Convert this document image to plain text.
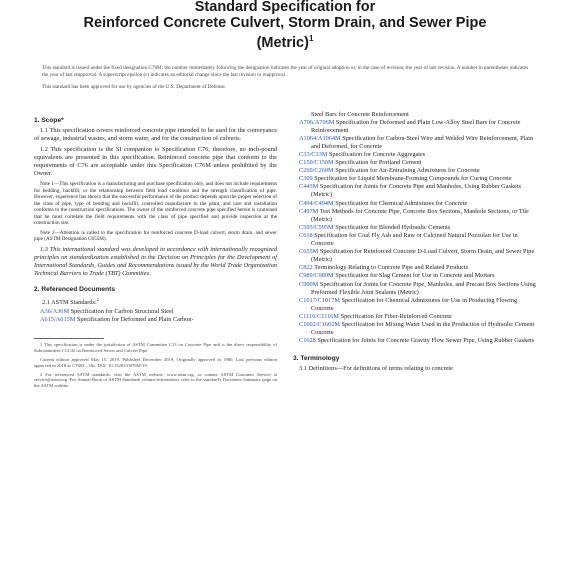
Standard Specification for
Reinforced Concrete Culvert, Storm Drain, and Sewer Pipe
(Metric)$^1$

This standard is issued under the fixed designation C76M; the number immediately following the designation indicates the year of original adoption or, in the case of revision, the year of last revision. A number in parentheses indicates the year of last reapproval. A superscript epsilon (ε) indicates an editorial change since the last revision or reapproval.

This standard has been approved for use by agencies of the U.S. Department of Defense.

1. Scope*

1.1 This specification covers reinforced concrete pipe intended to be used for the conveyance of sewage, industrial wastes, and storm water, and for the construction of culverts.

1.2 This specification is the SI companion to Specification C76; therefore, no inch-pound equivalents are presented in this specification. Reinforced concrete pipe that conform to the requirements of C76 are acceptable under this Specification C76M unless prohibited by the Owner.

Note 1—This specification is a manufacturing and purchase specification only, and does not include requirements for bedding, backfill, or the relationship between field load condition and the strength classification of pipe. However, experience has shown that the successful performance of the product depends upon the proper selection of the class of pipe, type of bedding and backfill, controlled manufacture in the plant, and care and installation conforms to the construction specifications. The owner of the reinforced concrete pipe specified herein is cautioned that he must correlate the field requirements with the class of pipe specified and provide inspection at the construction site.

Note 2—Attention is called to the specification for reinforced concrete D-load culvert, storm drain, and sewer pipe (ASTM Designation C655M).

1.3 This international standard was developed in accordance with internationally recognized principles on standardization established in the Decision on Principles for the Development of International Standards, Guides and Recommendations issued by the World Trade Organization Technical Barriers to Trade (TBT) Committee.

2. Referenced Documents

2.1 ASTM Standards:$^2$

A36/A36M Specification for Carbon Structural Steel

A615/A615M Specification for Deformed and Plain Carbon-

1 This specification is under the jurisdiction of ASTM Committee C13 on Concrete Pipe and is the direct responsibility of Subcommittee C13.02 on Reinforced Sewer and Culvert Pipe.

Current edition approved May 15, 2019. Published December 2019. Originally approved in 1980. Last previous edition approved in 2018 as C76M – 18a. DOI: 10.1520/C0076M-19.

2 For referenced ASTM standards, visit the ASTM website, www.astm.org, or contact ASTM Customer Service at service@astm.org. For Annual Book of ASTM Standards volume information, refer to the standard's Document Summary page on the ASTM website.

Steel Bars for Concrete Reinforcement

A706/A706M Specification for Deformed and Plain Low-Alloy Steel Bars for Concrete Reinforcement

A1064/A1064M Specification for Carbon-Steel Wire and Welded Wire Reinforcement, Plain and Deformed, for Concrete

C33/C33M Specification for Concrete Aggregates

C150/C150M Specification for Portland Cement

C260/C260M Specification for Air-Entraining Admixtures for Concrete

C309 Specification for Liquid Membrane-Forming Compounds for Curing Concrete

C443M Specification for Joints for Concrete Pipe and Manholes, Using Rubber Gaskets (Metric)

C494/C494M Specification for Chemical Admixtures for Concrete

C497M Test Methods for Concrete Pipe, Concrete Box Sections, Manhole Sections, or Tile (Metric)

C595/C595M Specification for Blended Hydraulic Cements

C618 Specification for Coal Fly Ash and Raw or Calcined Natural Pozzolan for Use in Concrete

C655M Specification for Reinforced Concrete D-Load Culvert, Storm Drain, and Sewer Pipe (Metric)

C822 Terminology Relating to Concrete Pipe and Related Products

C989/C989M Specification for Slag Cement for Use in Concrete and Mortars

C990M Specification for Joints for Concrete Pipe, Manholes, and Precast Box Sections Using Preformed Flexible Joint Sealants (Metric)

C1017/C1017M Specification for Chemical Admixtures for Use in Producing Flowing Concrete

C1116/C1116M Specification for Fiber-Reinforced Concrete

C1602/C1602M Specification for Mixing Water Used in the Production of Hydraulic Cement Concrete

C1628 Specification for Joints for Concrete Gravity Flow Sewer Pipe, Using Rubber Gaskets

3. Terminology

3.1 Definitions—For definitions of terms relating to concrete
